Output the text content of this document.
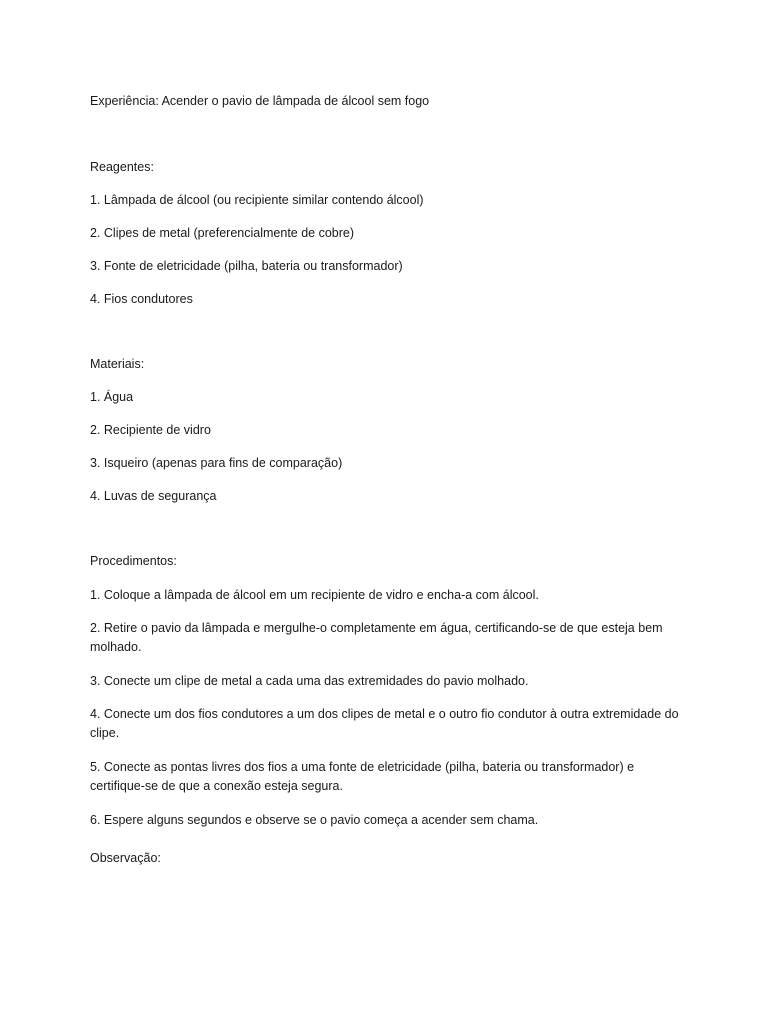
Experiência: Acender o pavio de lâmpada de álcool sem fogo

Reagentes:

1. Lâmpada de álcool (ou recipiente similar contendo álcool)

2. Clipes de metal (preferencialmente de cobre)

3. Fonte de eletricidade (pilha, bateria ou transformador)

4. Fios condutores

Materiais:

1. Água

2. Recipiente de vidro

3. Isqueiro (apenas para fins de comparação)

4. Luvas de segurança

Procedimentos:

1. Coloque a lâmpada de álcool em um recipiente de vidro e encha-a com álcool.

2. Retire o pavio da lâmpada e mergulhe-o completamente em água, certificando-se de que esteja bem molhado.

3. Conecte um clipe de metal a cada uma das extremidades do pavio molhado.

4. Conecte um dos fios condutores a um dos clipes de metal e o outro fio condutor à outra extremidade do clipe.

5. Conecte as pontas livres dos fios a uma fonte de eletricidade (pilha, bateria ou transformador) e certifique-se de que a conexão esteja segura.

6. Espere alguns segundos e observe se o pavio começa a acender sem chama.

Observação:
